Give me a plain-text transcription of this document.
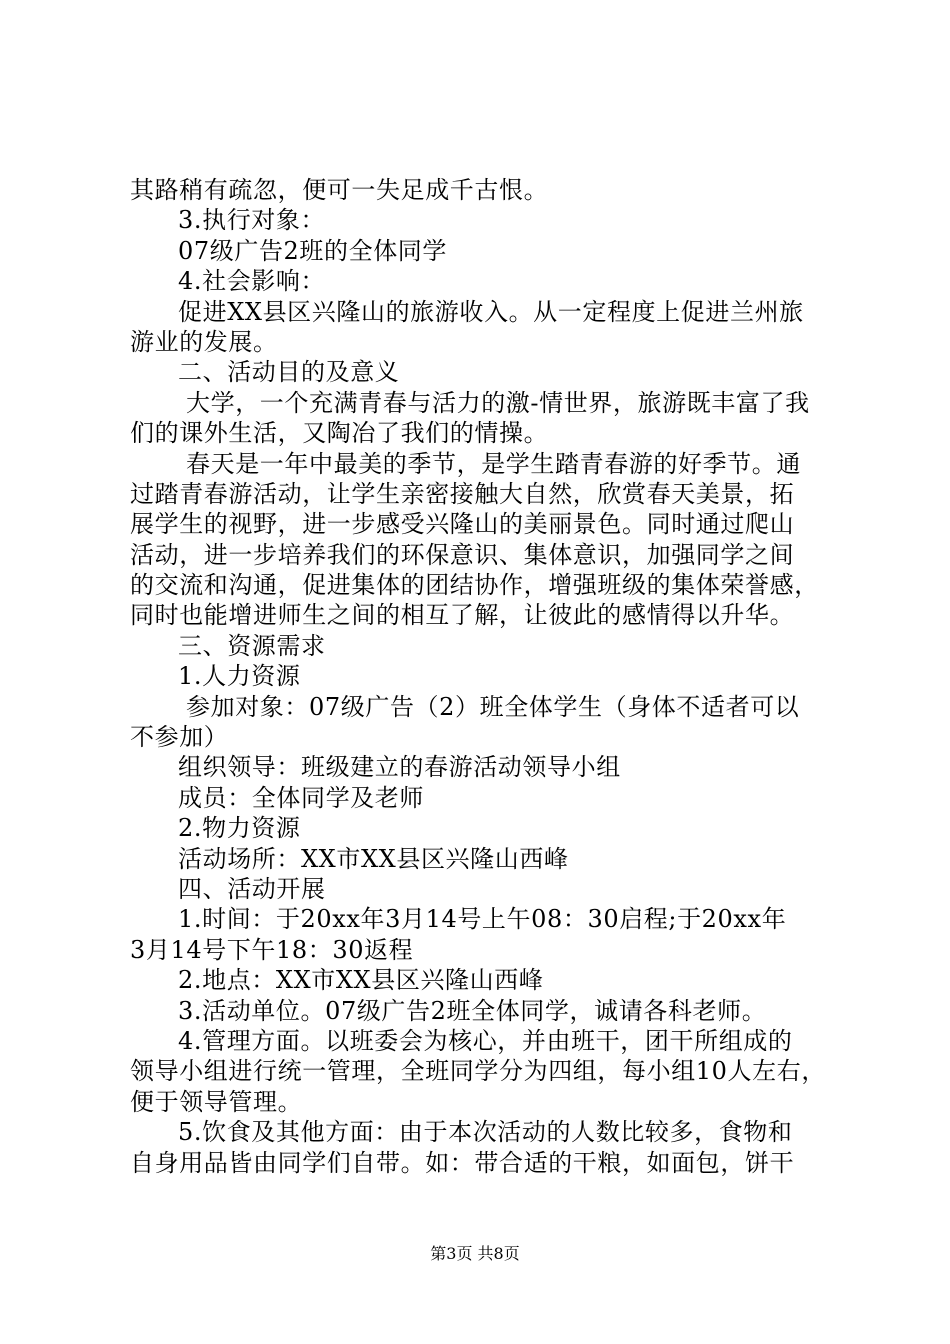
其路稍有疏忽，便可一失足成千古恨。

3.执行对象：

07级广告2班的全体同学

4.社会影响：

促进XX县区兴隆山的旅游收入。从一定程度上促进兰州旅

游业的发展。

二、活动目的及意义

大学，一个充满青春与活力的激-情世界，旅游既丰富了我

们的课外生活，又陶冶了我们的情操。

春天是一年中最美的季节，是学生踏青春游的好季节。通

过踏青春游活动，让学生亲密接触大自然，欣赏春天美景，拓

展学生的视野，进一步感受兴隆山的美丽景色。同时通过爬山

活动，进一步培养我们的环保意识、集体意识，加强同学之间

的交流和沟通，促进集体的团结协作，增强班级的集体荣誉感，

同时也能增进师生之间的相互了解，让彼此的感情得以升华。

三、资源需求

1.人力资源

参加对象：07级广告（2）班全体学生（身体不适者可以

不参加）

组织领导：班级建立的春游活动领导小组

成员：全体同学及老师

2.物力资源

活动场所：XX市XX县区兴隆山西峰

四、活动开展

1.时间：于20xx年3月14号上午08：30启程;于20xx年

3月14号下午18：30返程

2.地点：XX市XX县区兴隆山西峰

3.活动单位。07级广告2班全体同学，诚请各科老师。

4.管理方面。以班委会为核心，并由班干，团干所组成的

领导小组进行统一管理，全班同学分为四组，每小组10人左右，

便于领导管理。

5.饮食及其他方面：由于本次活动的人数比较多，食物和

自身用品皆由同学们自带。如：带合适的干粮，如面包，饼干

第3页 共8页
